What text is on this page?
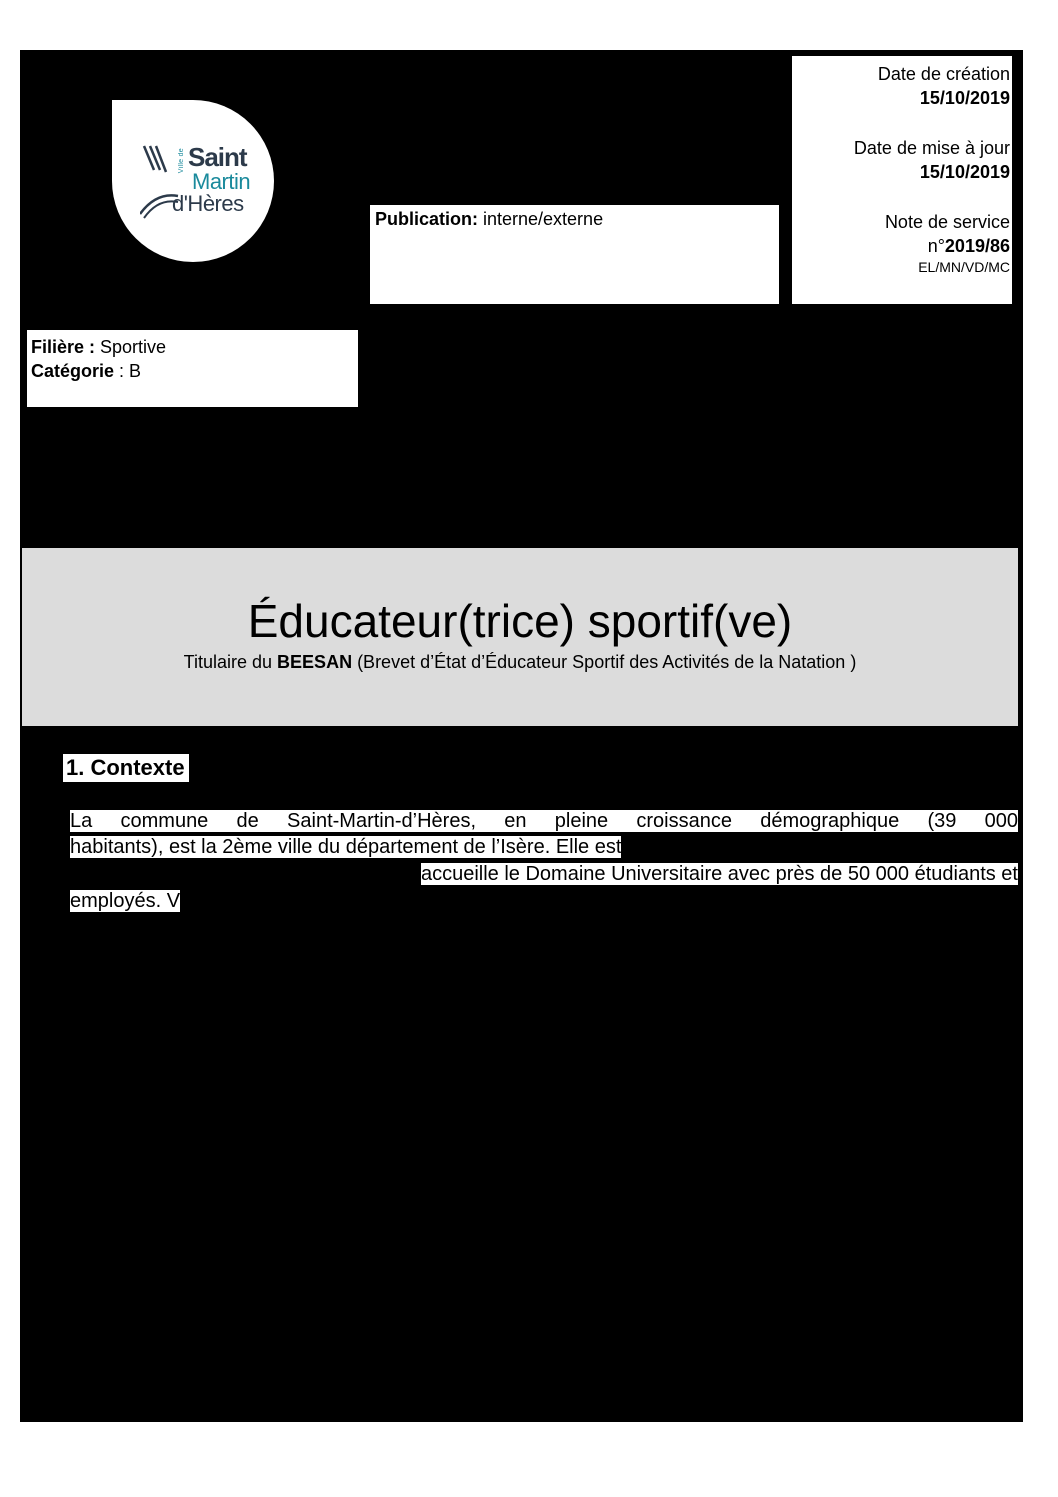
Ville de Saint
Martin
d'Hères
Publication: interne/externe
Date de création
15/10/2019
Date de mise à jour
15/10/2019
Note de service
n°2019/86
EL/MN/VD/MC
Filière : Sportive
Catégorie : B
Éducateur(trice) sportif(ve)
Titulaire du BEESAN (Brevet d’État d’Éducateur Sportif des Activités de la Natation )
1. Contexte
La commune de Saint-Martin-d’Hères, en pleine croissance démographique (39 000
habitants), est la 2ème ville du département de l’Isère. Elle est
accueille le Domaine Universitaire avec près de 50 000 étudiants et
employés. V
